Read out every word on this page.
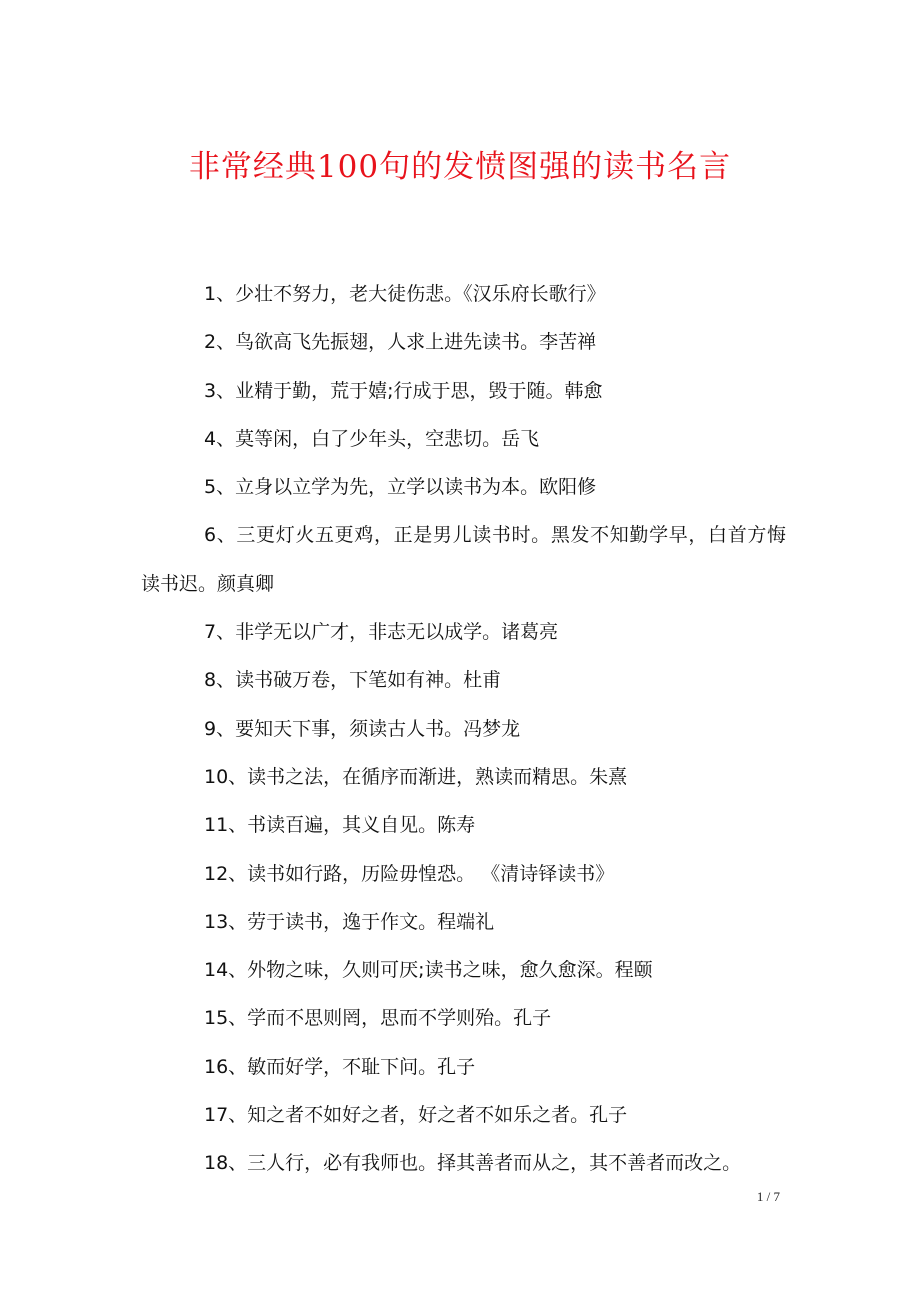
非常经典100句的发愤图强的读书名言

1、少壮不努力，老大徒伤悲。《汉乐府长歌行》

2、鸟欲高飞先振翅，人求上进先读书。李苦禅

3、业精于勤，荒于嬉;行成于思，毁于随。韩愈

4、莫等闲，白了少年头，空悲切。岳飞

5、立身以立学为先，立学以读书为本。欧阳修

6、三更灯火五更鸡，正是男儿读书时。黑发不知勤学早，白首方悔读书迟。颜真卿

7、非学无以广才，非志无以成学。诸葛亮

8、读书破万卷，下笔如有神。杜甫

9、要知天下事，须读古人书。冯梦龙

10、读书之法，在循序而渐进，熟读而精思。朱熹

11、书读百遍，其义自见。陈寿

12、读书如行路，历险毋惶恐。 《清诗铎读书》

13、劳于读书，逸于作文。程端礼

14、外物之味，久则可厌;读书之味，愈久愈深。程颐

15、学而不思则罔，思而不学则殆。孔子

16、敏而好学，不耻下问。孔子

17、知之者不如好之者，好之者不如乐之者。孔子

18、三人行，必有我师也。择其善者而从之，其不善者而改之。

1 / 7
